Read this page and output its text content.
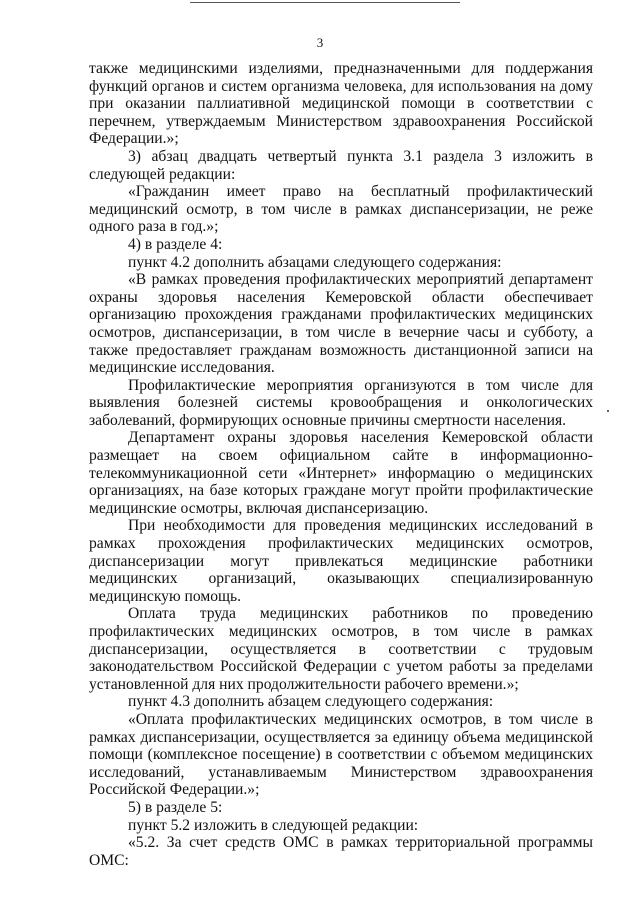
3

также медицинскими изделиями, предназначенными для поддержания функций органов и систем организма человека, для использования на дому при оказании паллиативной медицинской помощи в соответствии с перечнем, утверждаемым Министерством здравоохранения Российской Федерации.»;

3) абзац двадцать четвертый пункта 3.1 раздела 3 изложить в следующей редакции:

«Гражданин имеет право на бесплатный профилактический медицинский осмотр, в том числе в рамках диспансеризации, не реже одного раза в год.»;

4) в разделе 4:

пункт 4.2 дополнить абзацами следующего содержания:

«В рамках проведения профилактических мероприятий департамент охраны здоровья населения Кемеровской области обеспечивает организацию прохождения гражданами профилактических медицинских осмотров, диспансеризации, в том числе в вечерние часы и субботу, а также предоставляет гражданам возможность дистанционной записи на медицинские исследования.

Профилактические мероприятия организуются в том числе для выявления болезней системы кровообращения и онкологических заболеваний, формирующих основные причины смертности населения.

Департамент охраны здоровья населения Кемеровской области размещает на своем официальном сайте в информационно-телекоммуникационной сети «Интернет» информацию о медицинских организациях, на базе которых граждане могут пройти профилактические медицинские осмотры, включая диспансеризацию.

При необходимости для проведения медицинских исследований в рамках прохождения профилактических медицинских осмотров, диспансеризации могут привлекаться медицинские работники медицинских организаций, оказывающих специализированную медицинскую помощь.

Оплата труда медицинских работников по проведению профилактических медицинских осмотров, в том числе в рамках диспансеризации, осуществляется в соответствии с трудовым законодательством Российской Федерации с учетом работы за пределами установленной для них продолжительности рабочего времени.»;

пункт 4.3 дополнить абзацем следующего содержания:

«Оплата профилактических медицинских осмотров, в том числе в рамках диспансеризации, осуществляется за единицу объема медицинской помощи (комплексное посещение) в соответствии с объемом медицинских исследований, устанавливаемым Министерством здравоохранения Российской Федерации.»;

5) в разделе 5:

пункт 5.2 изложить в следующей редакции:

«5.2. За счет средств ОМС в рамках территориальной программы ОМС:
